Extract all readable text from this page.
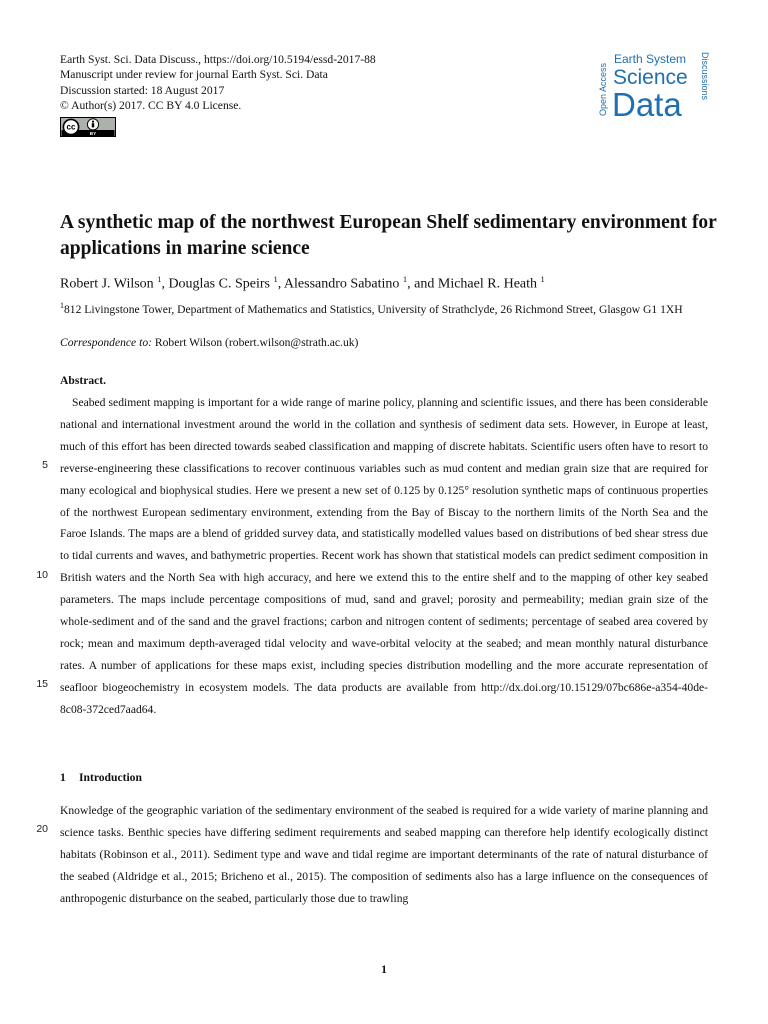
Earth Syst. Sci. Data Discuss., https://doi.org/10.5194/essd-2017-88
Manuscript under review for journal Earth Syst. Sci. Data
Discussion started: 18 August 2017
© Author(s) 2017. CC BY 4.0 License.
cc
BY
Open Access
Earth System
Science
Data
Discussions
A synthetic map of the northwest European Shelf sedimentary environment for applications in marine science
Robert J. Wilson $^1$, Douglas C. Speirs $^1$, Alessandro Sabatino $^1$, and Michael R. Heath $^1$
$^1$812 Livingstone Tower, Department of Mathematics and Statistics, University of Strathclyde, 26 Richmond Street, Glasgow G1 1XH
Correspondence to: Robert Wilson (robert.wilson@strath.ac.uk)
Abstract.

Seabed sediment mapping is important for a wide range of marine policy, planning and scientific issues, and there has been considerable national and international investment around the world in the collation and synthesis of sediment data sets. However, in Europe at least, much of this effort has been directed towards seabed classification and mapping of discrete habitats. Scientific users often have to resort to reverse-engineering these classifications to recover continuous variables such as mud content and median grain size that are required for many ecological and biophysical studies. Here we present a new set of 0.125 by 0.125° resolution synthetic maps of continuous properties of the northwest European sedimentary environment, extending from the Bay of Biscay to the northern limits of the North Sea and the Faroe Islands. The maps are a blend of gridded survey data, and statistically modelled values based on distributions of bed shear stress due to tidal currents and waves, and bathymetric properties. Recent work has shown that statistical models can predict sediment composition in British waters and the North Sea with high accuracy, and here we extend this to the entire shelf and to the mapping of other key seabed parameters. The maps include percentage compositions of mud, sand and gravel; porosity and permeability; median grain size of the whole-sediment and of the sand and the gravel fractions; carbon and nitrogen content of sediments; percentage of seabed area covered by rock; mean and maximum depth-averaged tidal velocity and wave-orbital velocity at the seabed; and mean monthly natural disturbance rates. A number of applications for these maps exist, including species distribution modelling and the more accurate representation of seafloor biogeochemistry in ecosystem models. The data products are available from http://dx.doi.org/10.15129/07bc686e-a354-40de-8c08-372ced7aad64.

5
10
15
1 Introduction

Knowledge of the geographic variation of the sedimentary environment of the seabed is required for a wide variety of marine planning and science tasks. Benthic species have differing sediment requirements and seabed mapping can therefore help identify ecologically distinct habitats (Robinson et al., 2011). Sediment type and wave and tidal regime are important determinants of the rate of natural disturbance of the seabed (Aldridge et al., 2015; Bricheno et al., 2015). The composition of sediments also has a large influence on the consequences of anthropogenic disturbance on the seabed, particularly those due to trawling

20
1
